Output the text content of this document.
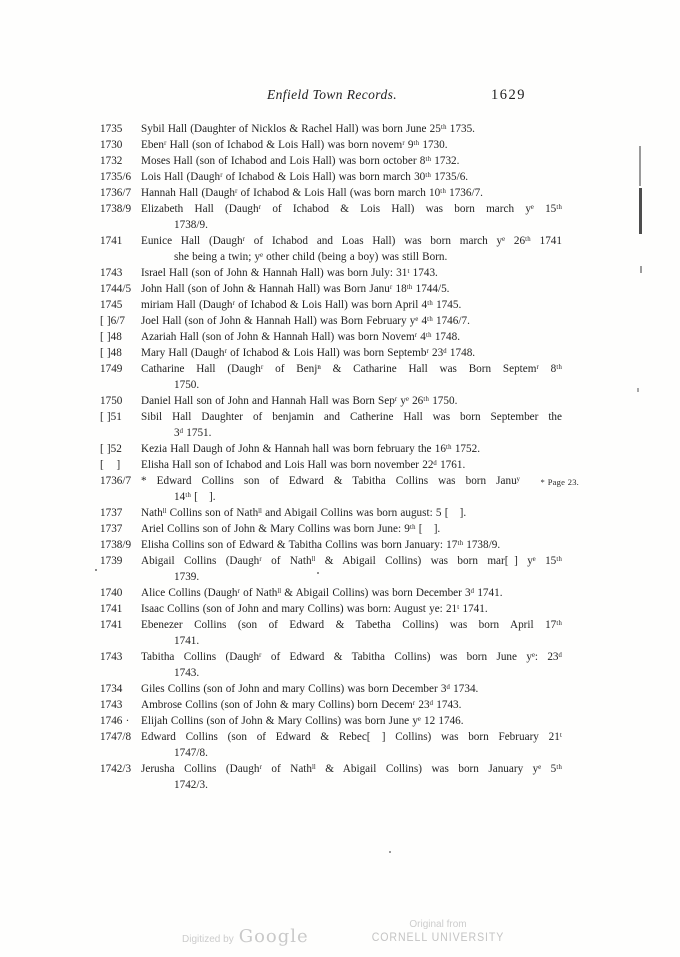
Enfield Town Records.	1629
1735	Sybil Hall (Daughter of Nicklos & Rachel Hall) was born June 25ᵗʰ 1735.
1730	Ebenʳ Hall (son of Ichabod & Lois Hall) was born novemʳ 9ᵗʰ 1730.
1732	Moses Hall (son of Ichabod and Lois Hall) was born october 8ᵗʰ 1732.
1735/6 Lois Hall (Daughʳ of Ichabod & Lois Hall) was born march 30ᵗʰ 1735/6.
1736/7 Hannah Hall (Daughʳ of Ichabod & Lois Hall (was born march 10ᵗʰ 1736/7.
1738/9 Elizabeth Hall (Daughʳ of Ichabod & Lois Hall) was born march yᵉ 15ᵗʰ
1738/9.
1741	Eunice Hall (Daughʳ of Ichabod and Loas Hall) was born march yᵉ 26ᵗʰ 1741
she being a twin; yᵉ other child (being a boy) was still Born.
1743	Israel Hall (son of John & Hannah Hall) was born July: 31ᵗ 1743.
1744/5 John Hall (son of John & Hannah Hall) was Born Januʳ 18ᵗʰ 1744/5.
1745	miriam Hall (Daughʳ of Ichabod & Lois Hall) was born April 4ᵗʰ 1745.
[ ]6/7	Joel Hall (son of John & Hannah Hall) was Born February yᵉ 4ᵗʰ 1746/7.
[ ]48	Azariah Hall (son of John & Hannah Hall) was born Novemʳ 4ᵗʰ 1748.
[ ]48	Mary Hall (Daughʳ of Ichabod & Lois Hall) was born Septembʳ 23ᵈ 1748.
1749	Catharine Hall (Daughʳ of Benjⁿ & Catharine Hall was Born Septemʳ 8ᵗʰ
1750.
1750	Daniel Hall son of John and Hannah Hall was Born Sepʳ yᵉ 26ᵗʰ 1750.
[ ]51	Sibil Hall Daughter of benjamin and Catherine Hall was born September the
3ᵈ 1751.
[ ]52	Kezia Hall Daugh of John & Hannah hall was born february the 16ᵗʰ 1752.
[    ]	Elisha Hall son of Ichabod and Lois Hall was born november 22ᵈ 1761.
1736/7 * Edward Collins son of Edward & Tabitha Collins was born Januʸ
14ᵗʰ [ ].
* Page 23.
1737	Nathˡˡ Collins son of Nathˡˡ and Abigail Collins was born august: 5 [ ].
1737	Ariel Collins son of John & Mary Collins was born June: 9ᵗʰ [ ].
1738/9 Elisha Collins son of Edward & Tabitha Collins was born January: 17ᵗʰ 1738/9.
1739	Abigail Collins (Daughʳ of Nathˡˡ & Abigail Collins) was born mar[ ] yᵉ 15ᵗʰ
1739.
1740	Alice Collins (Daughʳ of Nathˡˡ & Abigail Collins) was born December 3ᵈ 1741.
1741	Isaac Collins (son of John and mary Collins) was born: August ye: 21ᵗ 1741.
1741	Ebenezer Collins (son of Edward & Tabetha Collins) was born April 17ᵗʰ
1741.
1743	Tabitha Collins (Daughʳ of Edward & Tabitha Collins) was born June yᵉ: 23ᵈ
1743.
1734	Giles Collins (son of John and mary Collins) was born December 3ᵈ 1734.
1743	Ambrose Collins (son of John & mary Collins) born Decemʳ 23ᵈ 1743.
1746 ·	Elijah Collins (son of John & Mary Collins) was born June yᵉ 12 1746.
1747/8 Edward Collins (son of Edward & Rebec[ ] Collins) was born February 21ᵗ
1747/8.
1742/3 Jerusha Collins (Daughʳ of Nathˡˡ & Abigail Collins) was born January yᵉ 5ᵗʰ
1742/3.
Digitized by Google
Original from
CORNELL UNIVERSITY
